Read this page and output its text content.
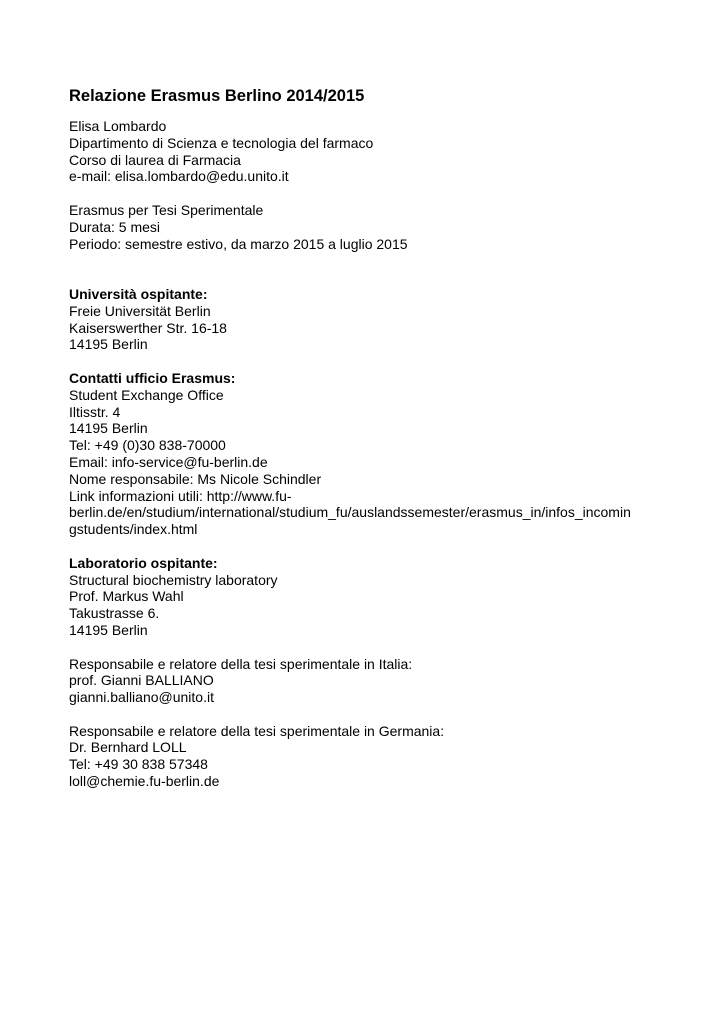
Relazione Erasmus Berlino 2014/2015
Elisa Lombardo
Dipartimento di Scienza e tecnologia del farmaco
Corso di laurea di Farmacia
e-mail: elisa.lombardo@edu.unito.it
Erasmus per Tesi Sperimentale
Durata: 5 mesi
Periodo: semestre estivo, da marzo 2015 a luglio 2015
Università ospitante:
Freie Universität Berlin
Kaiserswerther Str. 16-18
14195 Berlin
Contatti ufficio Erasmus:
Student Exchange Office
Iltisstr. 4
14195 Berlin
Tel: +49 (0)30 838-70000
Email: info-service@fu-berlin.de
Nome responsabile: Ms Nicole Schindler
Link informazioni utili: http://www.fu-
berlin.de/en/studium/international/studium_fu/auslandssemester/erasmus_in/infos_incomin
gstudents/index.html
Laboratorio ospitante:
Structural biochemistry laboratory
Prof. Markus Wahl
Takustrasse 6.
14195 Berlin
Responsabile e relatore della tesi sperimentale in Italia:
prof. Gianni BALLIANO
gianni.balliano@unito.it
Responsabile e relatore della tesi sperimentale in Germania:
Dr. Bernhard LOLL
Tel: +49 30 838 57348
loll@chemie.fu-berlin.de
